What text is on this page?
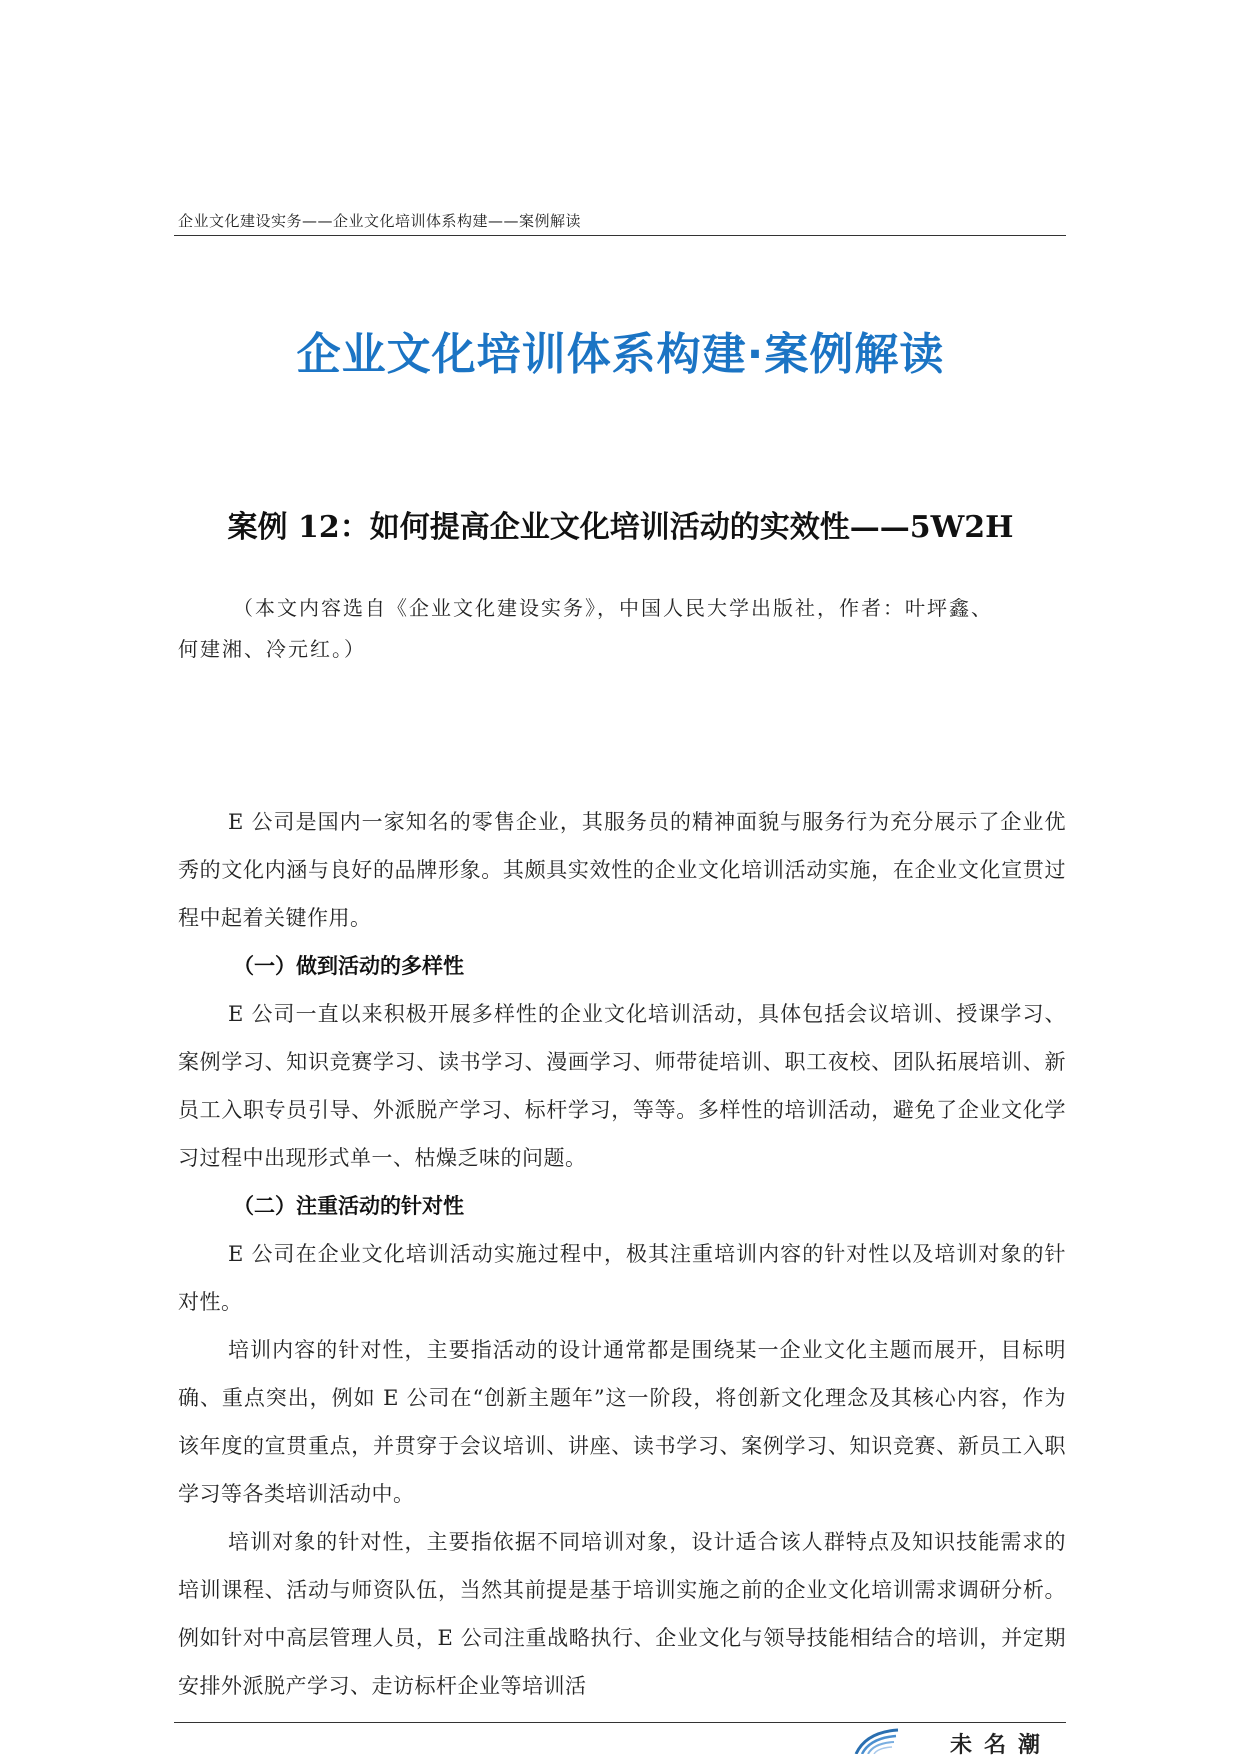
企业文化建设实务——企业文化培训体系构建——案例解读
企业文化培训体系构建·案例解读
案例 12：如何提高企业文化培训活动的实效性——5W2H
（本文内容选自《企业文化建设实务》，中国人民大学出版社，作者：叶坪鑫、
何建湘、冷元红。）

E 公司是国内一家知名的零售企业，其服务员的精神面貌与服务行为充分展示了企业优秀的文化内涵与良好的品牌形象。其颇具实效性的企业文化培训活动实施，在企业文化宣贯过程中起着关键作用。

（一）做到活动的多样性

E 公司一直以来积极开展多样性的企业文化培训活动，具体包括会议培训、授课学习、案例学习、知识竞赛学习、读书学习、漫画学习、师带徒培训、职工夜校、团队拓展培训、新员工入职专员引导、外派脱产学习、标杆学习，等等。多样性的培训活动，避免了企业文化学习过程中出现形式单一、枯燥乏味的问题。

（二）注重活动的针对性

E 公司在企业文化培训活动实施过程中，极其注重培训内容的针对性以及培训对象的针对性。

培训内容的针对性，主要指活动的设计通常都是围绕某一企业文化主题而展开，目标明确、重点突出，例如 E 公司在“创新主题年”这一阶段，将创新文化理念及其核心内容，作为该年度的宣贯重点，并贯穿于会议培训、讲座、读书学习、案例学习、知识竞赛、新员工入职学习等各类培训活动中。

培训对象的针对性，主要指依据不同培训对象，设计适合该人群特点及知识技能需求的培训课程、活动与师资队伍，当然其前提是基于培训实施之前的企业文化培训需求调研分析。例如针对中高层管理人员，E 公司注重战略执行、企业文化与领导技能相结合的培训，并定期安排外派脱产学习、走访标杆企业等培训活

未名潮
